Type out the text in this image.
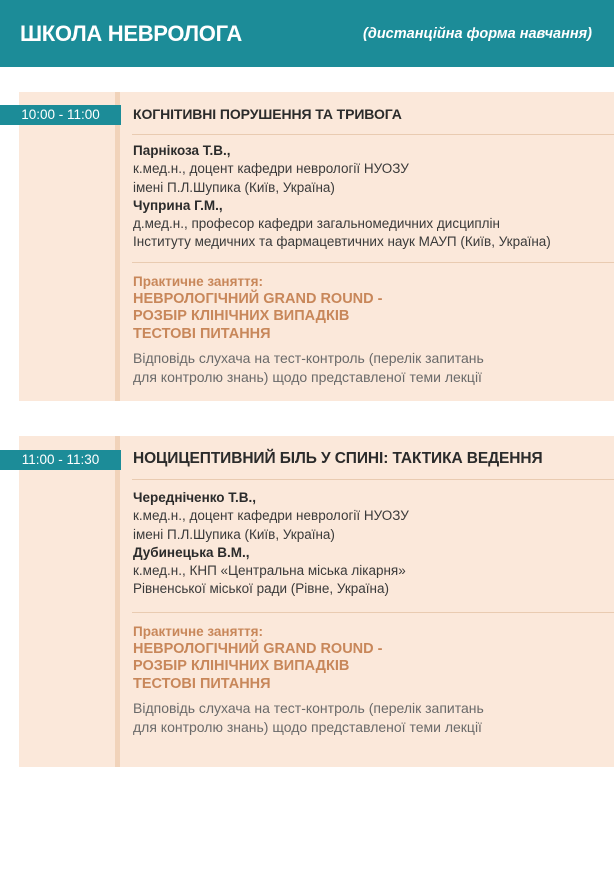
ШКОЛА НЕВРОЛОГА	(дистанційна форма навчання)
10:00 - 11:00	КОГНІТИВНІ ПОРУШЕННЯ ТА ТРИВОГА
Парнікоза Т.В.,
к.мед.н., доцент кафедри неврології НУОЗУ
імені П.Л.Шупика (Київ, Україна)
Чуприна Г.М.,
д.мед.н., професор кафедри загальномедичних дисциплін
Інституту медичних та фармацевтичних наук МАУП (Київ, Україна)
Практичне заняття:
НЕВРОЛОГІЧНИЙ GRAND ROUND -
РОЗБІР КЛІНІЧНИХ ВИПАДКІВ
ТЕСТОВІ ПИТАННЯ
Відповідь слухача на тест-контроль (перелік запитань
для контролю знань) щодо представленої теми лекції
11:00 - 11:30	НОЦИЦЕПТИВНИЙ БІЛЬ У СПИНІ: ТАКТИКА ВЕДЕННЯ
Чередніченко Т.В.,
к.мед.н., доцент кафедри неврології НУОЗУ
імені П.Л.Шупика (Київ, Україна)
Дубинецька В.М.,
к.мед.н., КНП «Центральна міська лікарня»
Рівненської міської ради (Рівне, Україна)
Практичне заняття:
НЕВРОЛОГІЧНИЙ GRAND ROUND -
РОЗБІР КЛІНІЧНИХ ВИПАДКІВ
ТЕСТОВІ ПИТАННЯ
Відповідь слухача на тест-контроль (перелік запитань
для контролю знань) щодо представленої теми лекції
